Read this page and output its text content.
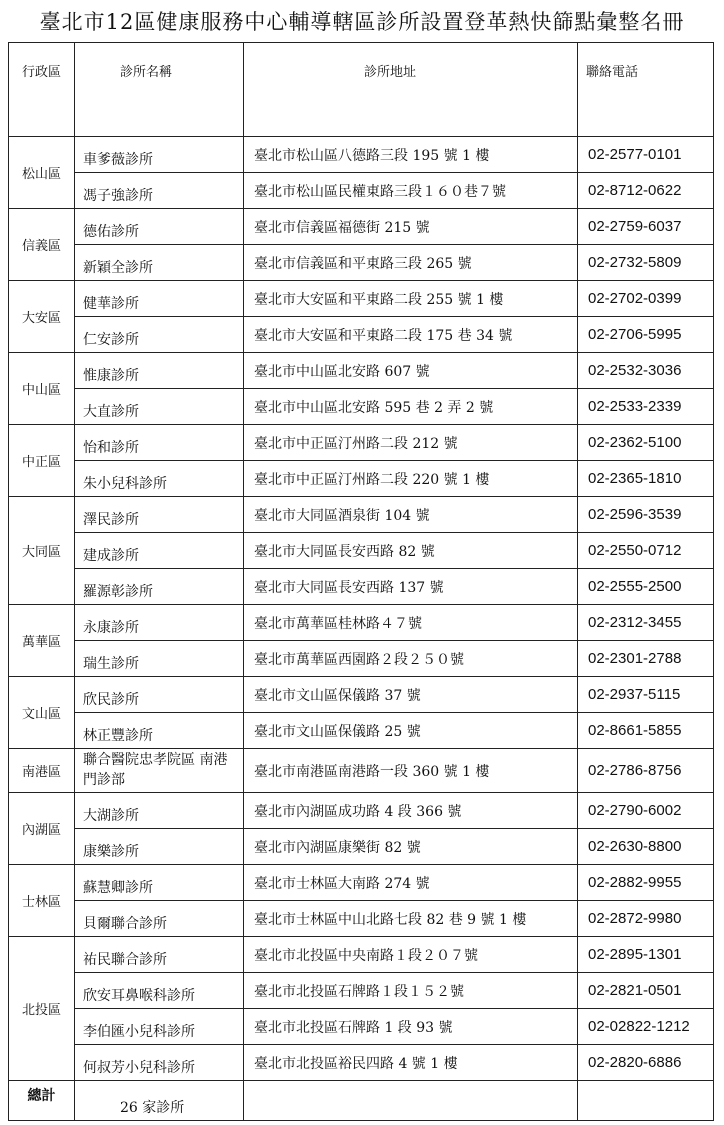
臺北市12區健康服務中心輔導轄區診所設置登革熱快篩點彙整名冊
行政區	診所名稱	診所地址	聯絡電話
松山區	車爹薇診所	臺北市松山區八德路三段 195 號 1 樓	02-2577-0101
	馮子強診所	臺北市松山區民權東路三段１６０巷７號	02-8712-0622
信義區	德佑診所	臺北市信義區福德街 215 號	02-2759-6037
	新穎全診所	臺北市信義區和平東路三段 265 號	02-2732-5809
大安區	健華診所	臺北市大安區和平東路二段 255 號 1 樓	02-2702-0399
	仁安診所	臺北市大安區和平東路二段 175 巷 34 號	02-2706-5995
中山區	惟康診所	臺北市中山區北安路 607 號	02-2532-3036
	大直診所	臺北市中山區北安路 595 巷 2 弄 2 號	02-2533-2339
中正區	怡和診所	臺北市中正區汀州路二段 212 號	02-2362-5100
	朱小兒科診所	臺北市中正區汀州路二段 220 號 1 樓	02-2365-1810
大同區	澤民診所	臺北市大同區酒泉街 104 號	02-2596-3539
	建成診所	臺北市大同區長安西路 82 號	02-2550-0712
	羅源彰診所	臺北市大同區長安西路 137 號	02-2555-2500
萬華區	永康診所	臺北市萬華區桂林路４７號	02-2312-3455
	瑞生診所	臺北市萬華區西園路２段２５０號	02-2301-2788
文山區	欣民診所	臺北市文山區保儀路 37 號	02-2937-5115
	林正豐診所	臺北市文山區保儀路 25 號	02-8661-5855
南港區	聯合醫院忠孝院區 南港門診部	臺北市南港區南港路一段 360 號 1 樓	02-2786-8756
內湖區	大湖診所	臺北市內湖區成功路 4 段 366 號	02-2790-6002
	康樂診所	臺北市內湖區康樂街 82 號	02-2630-8800
士林區	蘇慧卿診所	臺北市士林區大南路 274 號	02-2882-9955
	貝爾聯合診所	臺北市士林區中山北路七段 82 巷 9 號 1 樓	02-2872-9980
北投區	祐民聯合診所	臺北市北投區中央南路１段２０７號	02-2895-1301
	欣安耳鼻喉科診所	臺北市北投區石牌路１段１５２號	02-2821-0501
	李伯匯小兒科診所	臺北市北投區石牌路 1 段 93 號	02-02822-1212
	何叔芳小兒科診所	臺北市北投區裕民四路 4 號 1 樓	02-2820-6886
總計	26 家診所		
